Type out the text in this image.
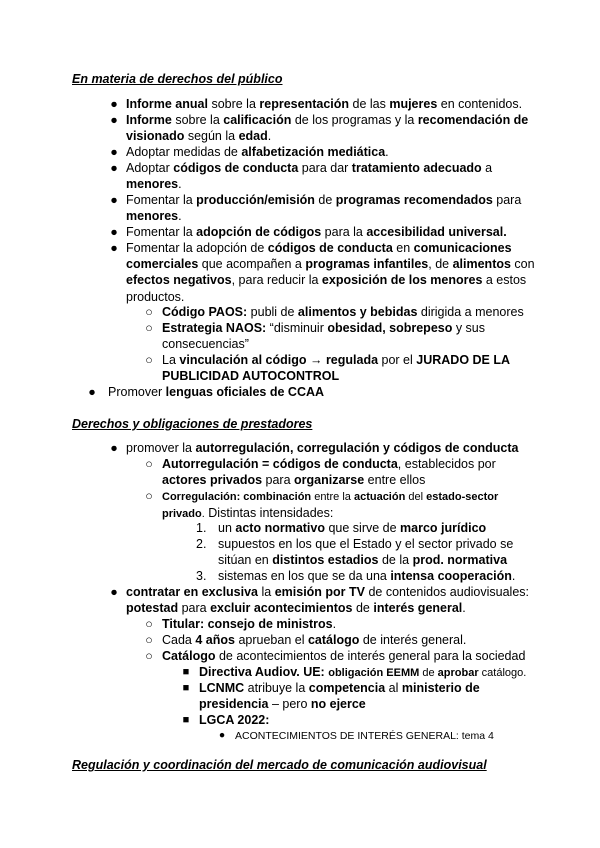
En materia de derechos del público
● Informe anual sobre la representación de las mujeres en contenidos.
● Informe sobre la calificación de los programas y la recomendación de
visionado según la edad.
● Adoptar medidas de alfabetización mediática.
● Adoptar códigos de conducta para dar tratamiento adecuado a
menores.
● Fomentar la producción/emisión de programas recomendados para
menores.
● Fomentar la adopción de códigos para la accesibilidad universal.
● Fomentar la adopción de códigos de conducta en comunicaciones
comerciales que acompañen a programas infantiles, de alimentos con
efectos negativos, para reducir la exposición de los menores a estos
productos.
○ Código PAOS: publi de alimentos y bebidas dirigida a menores
○ Estrategia NAOS: “disminuir obesidad, sobrepeso y sus
consecuencias”
○ La vinculación al código → regulada por el JURADO DE LA
PUBLICIDAD AUTOCONTROL
● Promover lenguas oficiales de CCAA
Derechos y obligaciones de prestadores
● promover la autorregulación, corregulación y códigos de conducta
○ Autorregulación = códigos de conducta, establecidos por
actores privados para organizarse entre ellos
○ Corregulación: combinación entre la actuación del estado-sector
privado. Distintas intensidades:
1. un acto normativo que sirve de marco jurídico
2. supuestos en los que el Estado y el sector privado se
sitúan en distintos estadios de la prod. normativa
3. sistemas en los que se da una intensa cooperación.
● contratar en exclusiva la emisión por TV de contenidos audiovisuales:
potestad para excluir acontecimientos de interés general.
○ Titular: consejo de ministros.
○ Cada 4 años aprueban el catálogo de interés general.
○ Catálogo de acontecimientos de interés general para la sociedad
■ Directiva Audiov. UE: obligación EEMM de aprobar catálogo.
■ LCNMC atribuye la competencia al ministerio de
presidencia – pero no ejerce
■ LGCA 2022:
● ACONTECIMIENTOS DE INTERÉS GENERAL: tema 4
Regulación y coordinación del mercado de comunicación audiovisual
